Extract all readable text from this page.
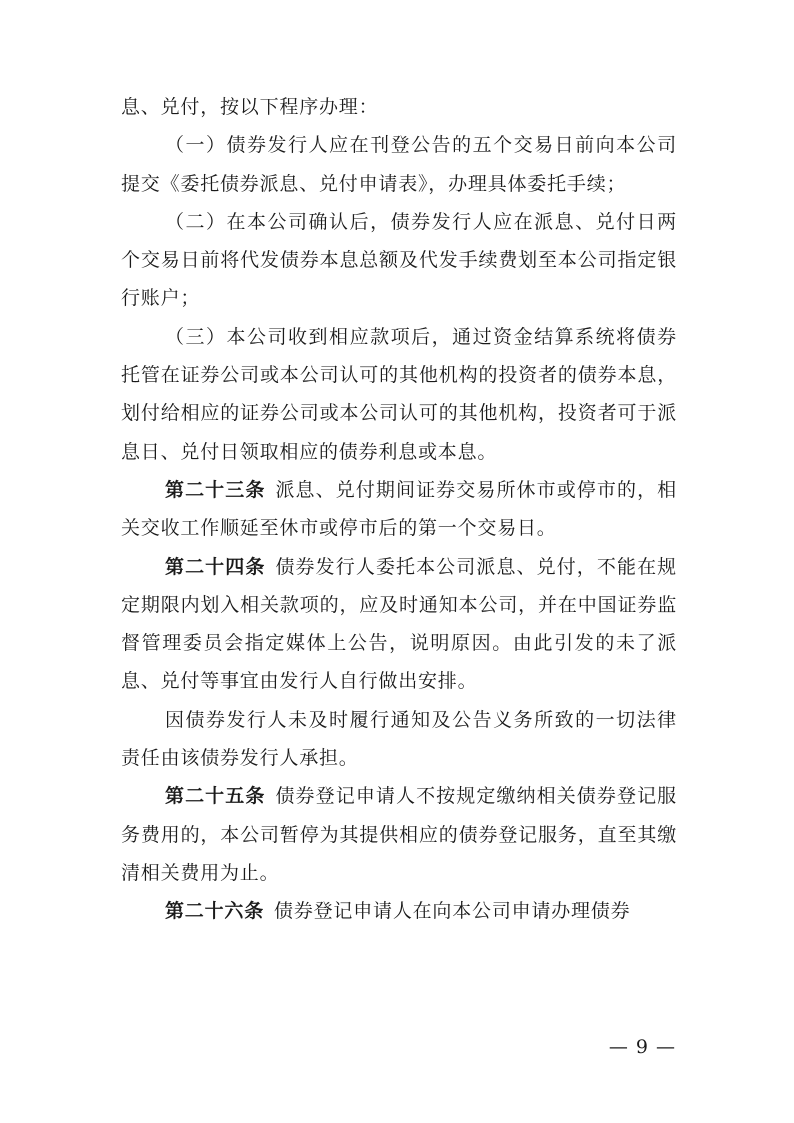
息、兑付，按以下程序办理：

（一）债券发行人应在刊登公告的五个交易日前向本公司提交《委托债券派息、兑付申请表》，办理具体委托手续；

（二）在本公司确认后，债券发行人应在派息、兑付日两个交易日前将代发债券本息总额及代发手续费划至本公司指定银行账户；

（三）本公司收到相应款项后，通过资金结算系统将债券托管在证券公司或本公司认可的其他机构的投资者的债券本息，划付给相应的证券公司或本公司认可的其他机构，投资者可于派息日、兑付日领取相应的债券利息或本息。

第二十三条 派息、兑付期间证券交易所休市或停市的，相关交收工作顺延至休市或停市后的第一个交易日。

第二十四条 债券发行人委托本公司派息、兑付，不能在规定期限内划入相关款项的，应及时通知本公司，并在中国证券监督管理委员会指定媒体上公告，说明原因。由此引发的未了派息、兑付等事宜由发行人自行做出安排。

因债券发行人未及时履行通知及公告义务所致的一切法律责任由该债券发行人承担。

第二十五条 债券登记申请人不按规定缴纳相关债券登记服务费用的，本公司暂停为其提供相应的债券登记服务，直至其缴清相关费用为止。

第二十六条 债券登记申请人在向本公司申请办理债券

— 9 —
